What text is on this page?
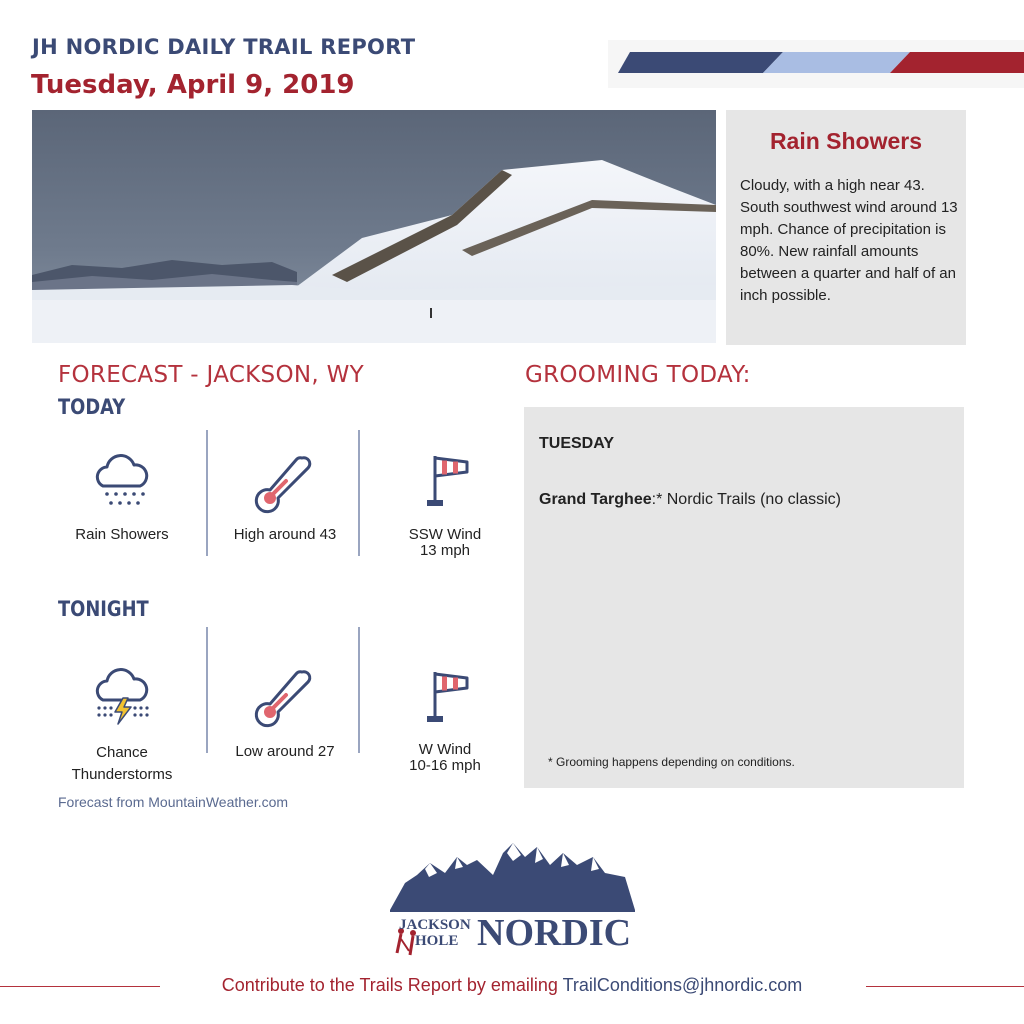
JH NORDIC DAILY TRAIL REPORT
Tuesday, April 9, 2019
Rain Showers
Cloudy, with a high near 43. South southwest wind around 13 mph. Chance of precipitation is 80%. New rainfall amounts between a quarter and half of an inch possible.
FORECAST - JACKSON, WY
TODAY
Rain Showers	High around 43	SSW Wind
13 mph
TONIGHT
Chance
Thunderstorms
Low around 27	W Wind
10-16 mph
Forecast from MountainWeather.com
GROOMING TODAY:
TUESDAY
Grand Targhee:* Nordic Trails (no classic)
* Grooming happens depending on conditions.
JACKSON
HOLE NORDIC
Contribute to the Trails Report by emailing TrailConditions@jhnordic.com
